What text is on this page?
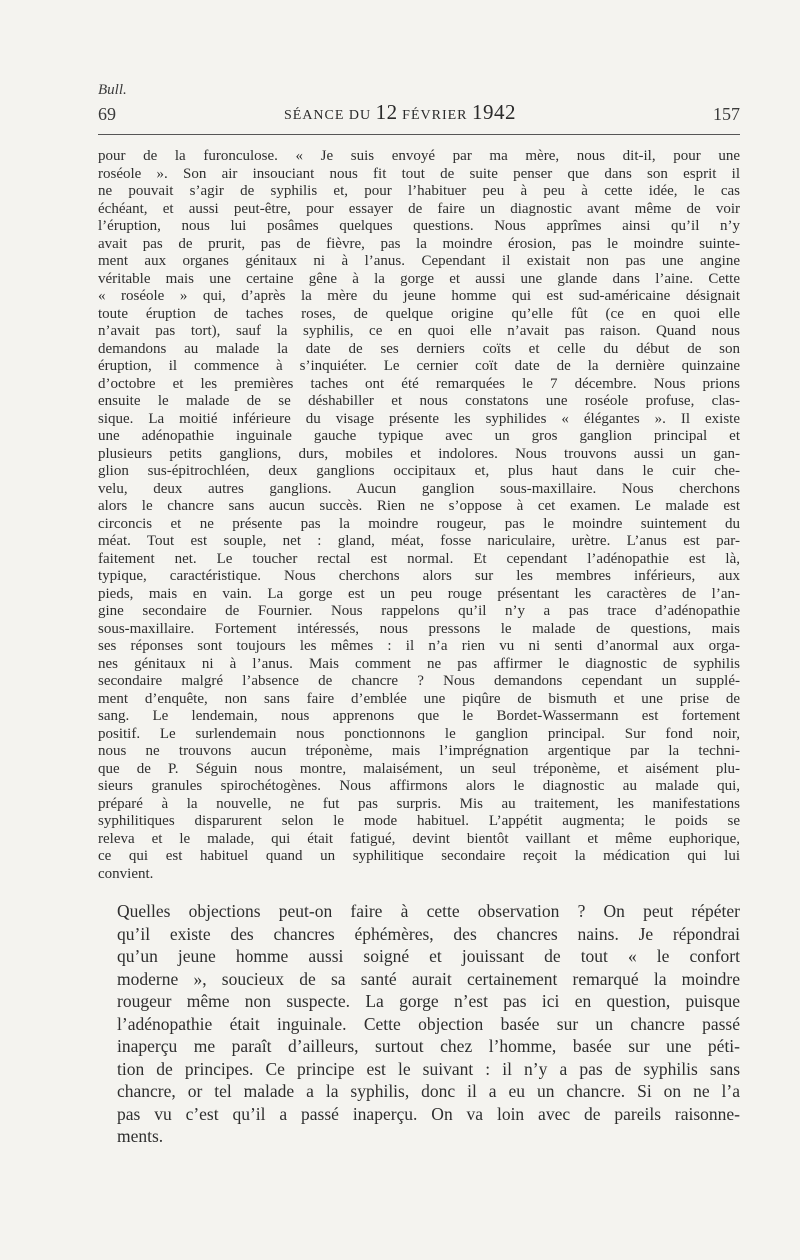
Bull.
69	SÉANCE DU 12 FÉVRIER 1942	157
pour de la furonculose. « Je suis envoyé par ma mère, nous dit-il, pour une
roséole ». Son air insouciant nous fit tout de suite penser que dans son esprit il
ne pouvait s’agir de syphilis et, pour l’habituer peu à peu à cette idée, le cas
échéant, et aussi peut-être, pour essayer de faire un diagnostic avant même de voir
l’éruption, nous lui posâmes quelques questions. Nous apprîmes ainsi qu’il n’y
avait pas de prurit, pas de fièvre, pas la moindre érosion, pas le moindre suinte-
ment aux organes génitaux ni à l’anus. Cependant il existait non pas une angine
véritable mais une certaine gêne à la gorge et aussi une glande dans l’aine. Cette
« roséole » qui, d’après la mère du jeune homme qui est sud-américaine désignait
toute éruption de taches roses, de quelque origine qu’elle fût (ce en quoi elle
n’avait pas tort), sauf la syphilis, ce en quoi elle n’avait pas raison. Quand nous
demandons au malade la date de ses derniers coïts et celle du début de son
éruption, il commence à s’inquiéter. Le cernier coït date de la dernière quinzaine
d’octobre et les premières taches ont été remarquées le 7 décembre. Nous prions
ensuite le malade de se déshabiller et nous constatons une roséole profuse, clas-
sique. La moitié inférieure du visage présente les syphilides « élégantes ». Il existe
une adénopathie inguinale gauche typique avec un gros ganglion principal et
plusieurs petits ganglions, durs, mobiles et indolores. Nous trouvons aussi un gan-
glion sus-épitrochléen, deux ganglions occipitaux et, plus haut dans le cuir che-
velu, deux autres ganglions. Aucun ganglion sous-maxillaire. Nous cherchons
alors le chancre sans aucun succès. Rien ne s’oppose à cet examen. Le malade est
circoncis et ne présente pas la moindre rougeur, pas le moindre suintement du
méat. Tout est souple, net : gland, méat, fosse nariculaire, urètre. L’anus est par-
faitement net. Le toucher rectal est normal. Et cependant l’adénopathie est là,
typique, caractéristique. Nous cherchons alors sur les membres inférieurs, aux
pieds, mais en vain. La gorge est un peu rouge présentant les caractères de l’an-
gine secondaire de Fournier. Nous rappelons qu’il n’y a pas trace d’adénopathie
sous-maxillaire. Fortement intéressés, nous pressons le malade de questions, mais
ses réponses sont toujours les mêmes : il n’a rien vu ni senti d’anormal aux orga-
nes génitaux ni à l’anus. Mais comment ne pas affirmer le diagnostic de syphilis
secondaire malgré l’absence de chancre ? Nous demandons cependant un supplé-
ment d’enquête, non sans faire d’emblée une piqûre de bismuth et une prise de
sang. Le lendemain, nous apprenons que le Bordet-Wassermann est fortement
positif. Le surlendemain nous ponctionnons le ganglion principal. Sur fond noir,
nous ne trouvons aucun tréponème, mais l’imprégnation argentique par la techni-
que de P. Séguin nous montre, malaisément, un seul tréponème, et aisément plu-
sieurs granules spirochétogènes. Nous affirmons alors le diagnostic au malade qui,
préparé à la nouvelle, ne fut pas surpris. Mis au traitement, les manifestations
syphilitiques disparurent selon le mode habituel. L’appétit augmenta; le poids se
releva et le malade, qui était fatigué, devint bientôt vaillant et même euphorique,
ce qui est habituel quand un syphilitique secondaire reçoit la médication qui lui
convient.
Quelles objections peut-on faire à cette observation ? On peut répéter
qu’il existe des chancres éphémères, des chancres nains. Je répondrai
qu’un jeune homme aussi soigné et jouissant de tout « le confort
moderne », soucieux de sa santé aurait certainement remarqué la moindre
rougeur même non suspecte. La gorge n’est pas ici en question, puisque
l’adénopathie était inguinale. Cette objection basée sur un chancre passé
inaperçu me paraît d’ailleurs, surtout chez l’homme, basée sur une péti-
tion de principes. Ce principe est le suivant : il n’y a pas de syphilis sans
chancre, or tel malade a la syphilis, donc il a eu un chancre. Si on ne l’a
pas vu c’est qu’il a passé inaperçu. On va loin avec de pareils raisonne-
ments.
